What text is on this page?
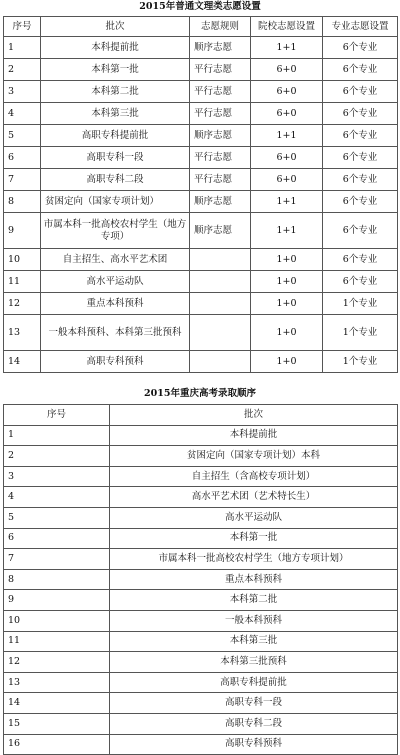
2015年普通文理类志愿设置
序号	批次	志愿规则	院校志愿设置	专业志愿设置
1	本科提前批	顺序志愿	1+1	6个专业
2	本科第一批	平行志愿	6+0	6个专业
3	本科第二批	平行志愿	6+0	6个专业
4	本科第三批	平行志愿	6+0	6个专业
5	高职专科提前批	顺序志愿	1+1	6个专业
6	高职专科一段	平行志愿	6+0	6个专业
7	高职专科二段	平行志愿	6+0	6个专业
8	贫困定向（国家专项计划）	顺序志愿	1+1	6个专业
9	市属本科一批高校农村学生（地方专项）	顺序志愿	1+1	6个专业
10	自主招生、高水平艺术团		1+0	6个专业
11	高水平运动队		1+0	6个专业
12	重点本科预科		1+0	1个专业
13	一般本科预科、本科第三批预科		1+0	1个专业
14	高职专科预科		1+0	1个专业
2015年重庆高考录取顺序
序号	批次
1	本科提前批
2	贫困定向（国家专项计划）本科
3	自主招生（含高校专项计划）
4	高水平艺术团（艺术特长生）
5	高水平运动队
6	本科第一批
7	市属本科一批高校农村学生（地方专项计划）
8	重点本科预科
9	本科第二批
10	一般本科预科
11	本科第三批
12	本科第三批预科
13	高职专科提前批
14	高职专科一段
15	高职专科二段
16	高职专科预科
